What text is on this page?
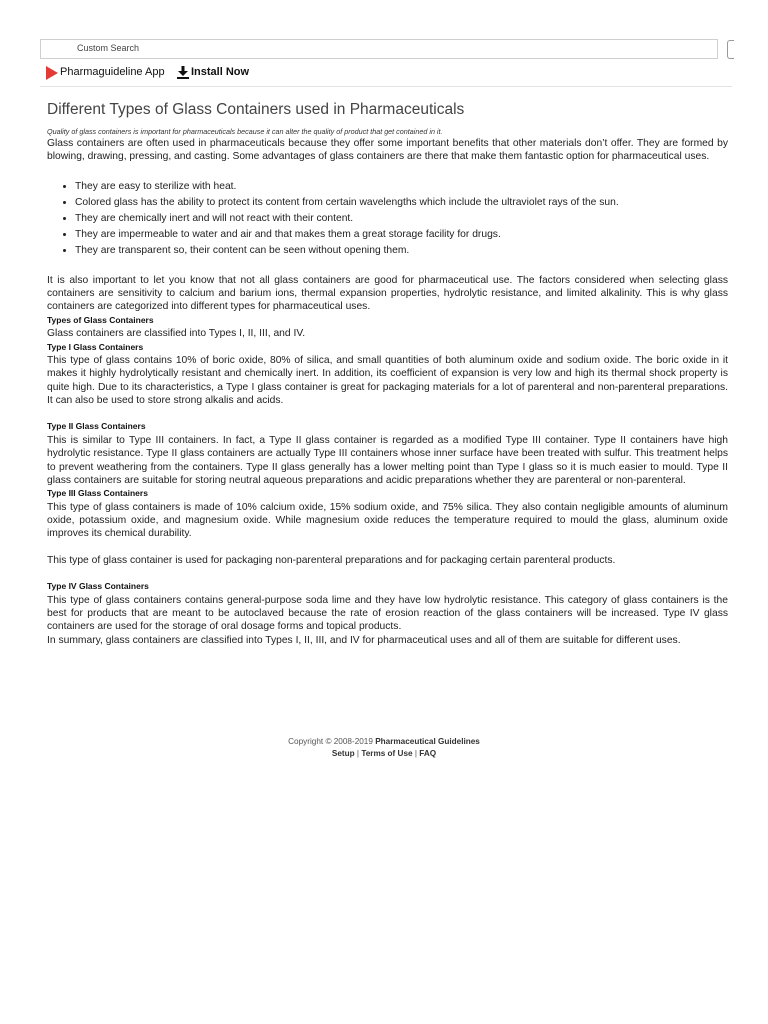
Custom Search
Pharmaguideline App Install Now
Different Types of Glass Containers used in Pharmaceuticals

Quality of glass containers is important for pharmaceuticals because it can alter the quality of product that get contained in it.

Glass containers are often used in pharmaceuticals because they offer some important benefits that other materials don’t offer. They are formed by blowing, drawing, pressing, and casting. Some advantages of glass containers are there that make them fantastic option for pharmaceutical uses.

• They are easy to sterilize with heat.
• Colored glass has the ability to protect its content from certain wavelengths which include the ultraviolet rays of the sun.
• They are chemically inert and will not react with their content.
• They are impermeable to water and air and that makes them a great storage facility for drugs.
• They are transparent so, their content can be seen without opening them.

It is also important to let you know that not all glass containers are good for pharmaceutical use. The factors considered when selecting glass containers are sensitivity to calcium and barium ions, thermal expansion properties, hydrolytic resistance, and limited alkalinity. This is why glass containers are categorized into different types for pharmaceutical uses.

Types of Glass Containers

Glass containers are classified into Types I, II, III, and IV.

Type I Glass Containers

This type of glass contains 10% of boric oxide, 80% of silica, and small quantities of both aluminum oxide and sodium oxide. The boric oxide in it makes it highly hydrolytically resistant and chemically inert. In addition, its coefficient of expansion is very low and high its thermal shock property is quite high. Due to its characteristics, a Type I glass container is great for packaging materials for a lot of parenteral and non-parenteral preparations. It can also be used to store strong alkalis and acids.

Type II Glass Containers

This is similar to Type III containers. In fact, a Type II glass container is regarded as a modified Type III container. Type II containers have high hydrolytic resistance. Type II glass containers are actually Type III containers whose inner surface have been treated with sulfur. This treatment helps to prevent weathering from the containers. Type II glass generally has a lower melting point than Type I glass so it is much easier to mould. Type II glass containers are suitable for storing neutral aqueous preparations and acidic preparations whether they are parenteral or non-parenteral.

Type III Glass Containers

This type of glass containers is made of 10% calcium oxide, 15% sodium oxide, and 75% silica. They also contain negligible amounts of aluminum oxide, potassium oxide, and magnesium oxide. While magnesium oxide reduces the temperature required to mould the glass, aluminum oxide improves its chemical durability.

This type of glass container is used for packaging non-parenteral preparations and for packaging certain parenteral products.

Type IV Glass Containers

This type of glass containers contains general-purpose soda lime and they have low hydrolytic resistance. This category of glass containers is the best for products that are meant to be autoclaved because the rate of erosion reaction of the glass containers will be increased. Type IV glass containers are used for the storage of oral dosage forms and topical products.

In summary, glass containers are classified into Types I, II, III, and IV for pharmaceutical uses and all of them are suitable for different uses.

Copyright © 2008-2019 Pharmaceutical Guidelines
Setup | Terms of Use | FAQ
